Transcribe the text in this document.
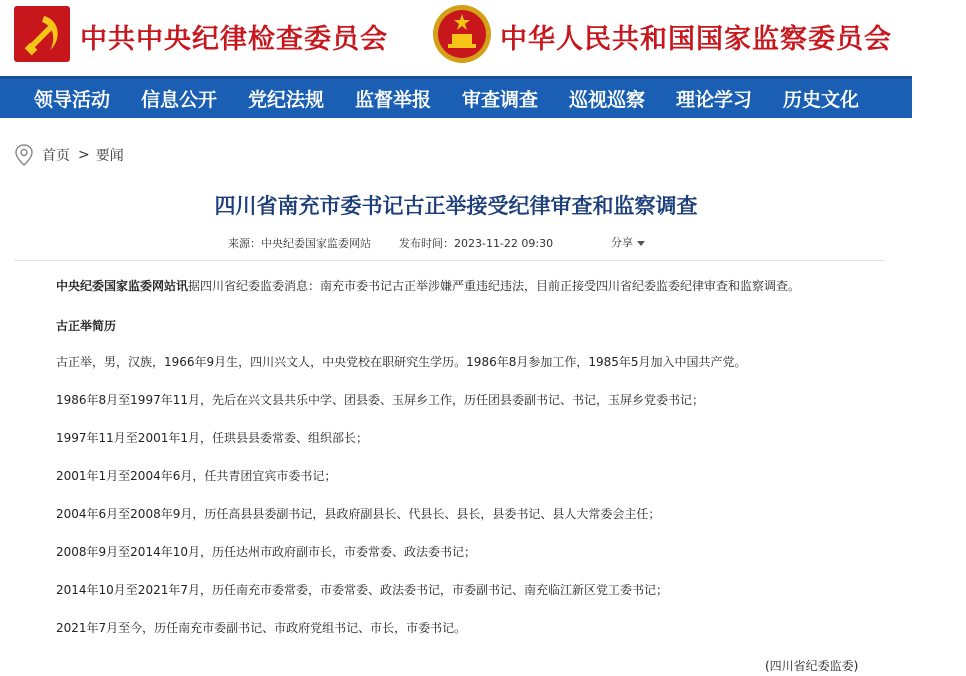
中共中央纪律检查委员会	中华人民共和国国家监察委员会
领导活动 信息公开 党纪法规 监督举报 审查调查 巡视巡察 理论学习 历史文化
首页 > 要闻
四川省南充市委书记古正举接受纪律审查和监察调查
来源：中央纪委国家监委网站	发布时间：2023-11-22 09:30	分享
中央纪委国家监委网站讯据四川省纪委监委消息：南充市委书记古正举涉嫌严重违纪违法，目前正接受四川省纪委监委纪律审查和监察调查。
古正举简历
古正举，男，汉族，1966年9月生，四川兴文人，中央党校在职研究生学历。1986年8月参加工作，1985年5月加入中国共产党。
1986年8月至1997年11月，先后在兴文县共乐中学、团县委、玉屏乡工作，历任团县委副书记、书记，玉屏乡党委书记；
1997年11月至2001年1月，任珙县县委常委、组织部长；
2001年1月至2004年6月，任共青团宜宾市委书记；
2004年6月至2008年9月，历任高县县委副书记，县政府副县长、代县长、县长，县委书记、县人大常委会主任；
2008年9月至2014年10月，历任达州市政府副市长，市委常委、政法委书记；
2014年10月至2021年7月，历任南充市委常委，市委常委、政法委书记，市委副书记、南充临江新区党工委书记；
2021年7月至今，历任南充市委副书记、市政府党组书记、市长，市委书记。
(四川省纪委监委)
